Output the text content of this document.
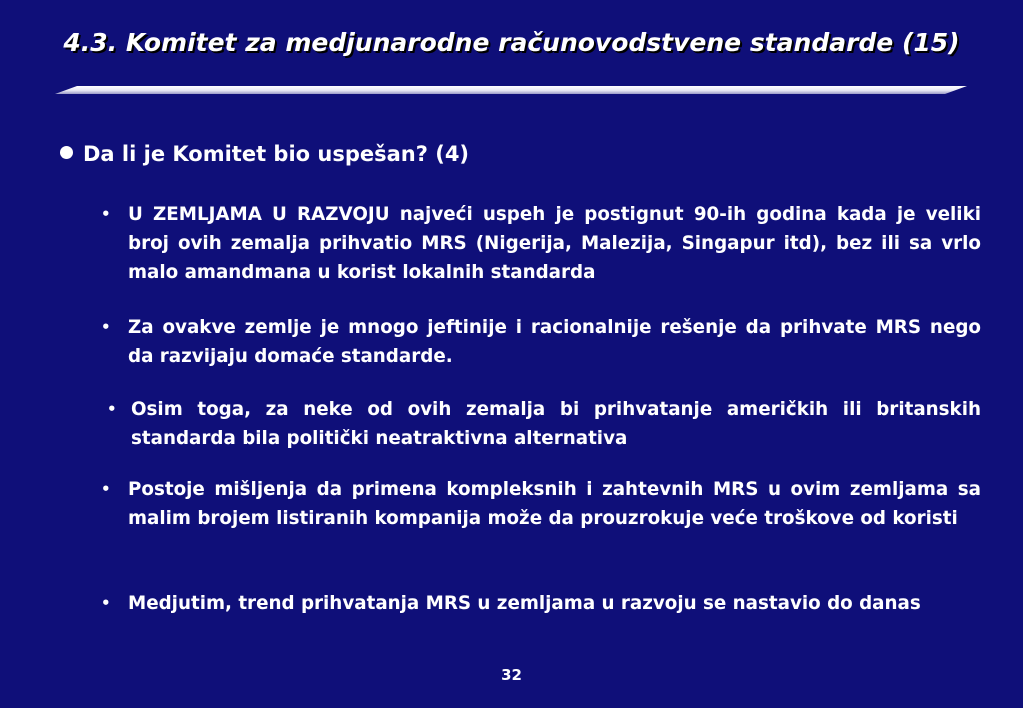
4.3. Komitet za medjunarodne računovodstvene standarde (15)
Da li je Komitet bio uspešan? (4)
• U ZEMLJAMA U RAZVOJU najveći uspeh je postignut 90-ih godina kada je veliki broj ovih zemalja prihvatio MRS (Nigerija, Malezija, Singapur itd), bez ili sa vrlo malo amandmana u korist lokalnih standarda
• Za ovakve zemlje je mnogo jeftinije i racionalnije rešenje da prihvate MRS nego da razvijaju domaće standarde.
• Osim toga, za neke od ovih zemalja bi prihvatanje američkih ili britanskih standarda bila politički neatraktivna alternativa
• Postoje mišljenja da primena kompleksnih i zahtevnih MRS u ovim zemljama sa malim brojem listiranih kompanija može da prouzrokuje veće troškove od koristi
• Medjutim, trend prihvatanja MRS u zemljama u razvoju se nastavio do danas
32
